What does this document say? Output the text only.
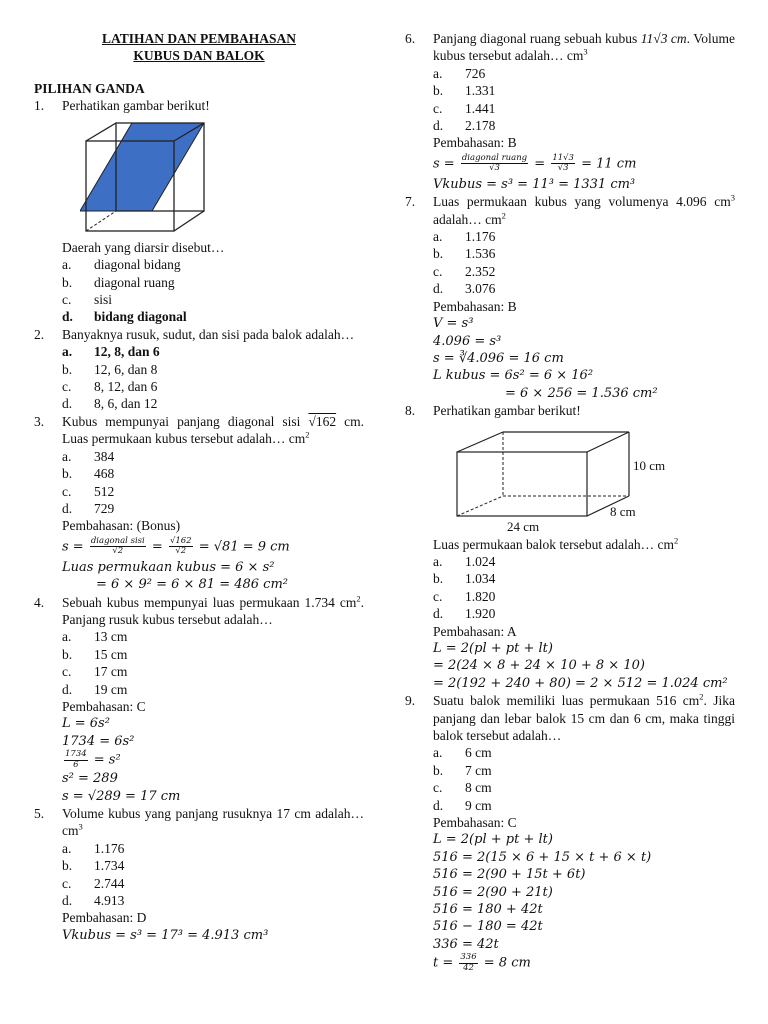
LATIHAN DAN PEMBAHASAN
KUBUS DAN BALOK
PILIHAN GANDA
1.	Perhatikan gambar berikut!
Daerah yang diarsir disebut…
a.	diagonal bidang
b.	diagonal ruang
c.	sisi
d.	bidang diagonal
2.	Banyaknya rusuk, sudut, dan sisi pada balok adalah…
a.	12, 8, dan 6
b.	12, 6, dan 8
c.	8, 12, dan 6
d.	8, 6, dan 12
3.	Kubus mempunyai panjang diagonal sisi √162 cm. Luas permukaan kubus tersebut adalah… $cm^2$
a.	384
b.	468
c.	512
d.	729
Pembahasan: (Bonus)
$s = \frac{\text{diagonal sisi}}{√2} = \frac{√162}{√2} = √81 = 9$ cm
Luas permukaan kubus = 6 × s²
= 6 × 9² = 6 × 81 = 486 cm²
4.	Sebuah kubus mempunyai luas permukaan 1.734 $cm^2$. Panjang rusuk kubus tersebut adalah…
a.	13 cm
b.	15 cm
c.	17 cm
d.	19 cm
Pembahasan: C
L = 6s²
1734 = 6s²
$\frac{1734}{6} = s^2$
s² = 289
s = √289 = 17 cm
5.	Volume kubus yang panjang rusuknya 17 cm adalah… $cm^3$
a.	1.176
b.	1.734
c.	2.744
d.	4.913
Pembahasan: D
Vkubus = s³ = 17³ = 4.913 cm³
6.	Panjang diagonal ruang sebuah kubus 11√3 cm. Volume kubus tersebut adalah… $cm^3$
a.	726
b.	1.331
c.	1.441
d.	2.178
Pembahasan: B
$s = \frac{\text{diagonal ruang}}{√3} = \frac{11√3}{√3} = 11$ cm
Vkubus = s³ = 11³ = 1331 cm³
7.	Luas permukaan kubus yang volumenya 4.096 $cm^3$ adalah… $cm^2$
a.	1.176
b.	1.536
c.	2.352
d.	3.076
Pembahasan: B
V = s³
4.096 = s³
s = ∛4.096 = 16 cm
L kubus = 6s² = 6 × 16²
= 6 × 256 = 1.536 cm²
8.	Perhatikan gambar berikut!
10 cm
8 cm
24 cm
Luas permukaan balok tersebut adalah… $cm^2$
a.	1.024
b.	1.034
c.	1.820
d.	1.920
Pembahasan: A
L = 2(pl + pt + lt)
= 2(24 × 8 + 24 × 10 + 8 × 10)
= 2(192 + 240 + 80) = 2 × 512 = 1.024 cm²
9.	Suatu balok memiliki luas permukaan 516 $cm^2$. Jika panjang dan lebar balok 15 cm dan 6 cm, maka tinggi balok tersebut adalah…
a.	6 cm
b.	7 cm
c.	8 cm
d.	9 cm
Pembahasan: C
L = 2(pl + pt + lt)
516 = 2(15 × 6 + 15 × t + 6 × t)
516 = 2(90 + 15t + 6t)
516 = 2(90 + 21t)
516 = 180 + 42t
516 − 180 = 42t
336 = 42t
$t = \frac{336}{42} = 8$ cm
